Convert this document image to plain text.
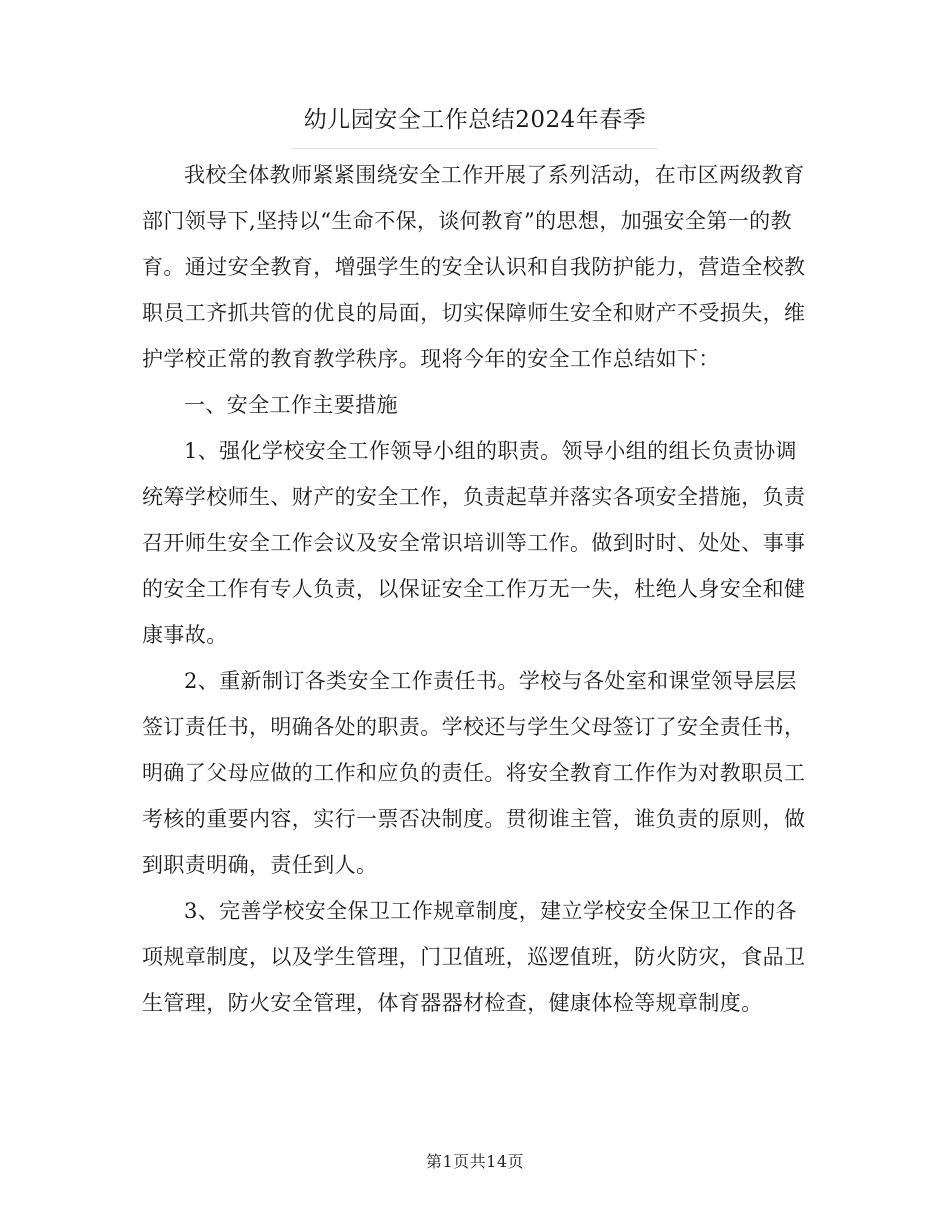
幼儿园安全工作总结2024年春季

我校全体教师紧紧围绕安全工作开展了系列活动，在市区两级教育部门领导下,坚持以“生命不保，谈何教育”的思想，加强安全第一的教育。通过安全教育，增强学生的安全认识和自我防护能力，营造全校教职员工齐抓共管的优良的局面，切实保障师生安全和财产不受损失，维护学校正常的教育教学秩序。现将今年的安全工作总结如下：

一、安全工作主要措施

1、强化学校安全工作领导小组的职责。领导小组的组长负责协调统筹学校师生、财产的安全工作，负责起草并落实各项安全措施，负责召开师生安全工作会议及安全常识培训等工作。做到时时、处处、事事的安全工作有专人负责，以保证安全工作万无一失，杜绝人身安全和健康事故。

2、重新制订各类安全工作责任书。学校与各处室和课堂领导层层签订责任书，明确各处的职责。学校还与学生父母签订了安全责任书，明确了父母应做的工作和应负的责任。将安全教育工作作为对教职员工考核的重要内容，实行一票否决制度。贯彻谁主管，谁负责的原则，做到职责明确，责任到人。

3、完善学校安全保卫工作规章制度，建立学校安全保卫工作的各项规章制度，以及学生管理，门卫值班，巡逻值班，防火防灾，食品卫生管理，防火安全管理，体育器器材检查，健康体检等规章制度。

第1页共14页
